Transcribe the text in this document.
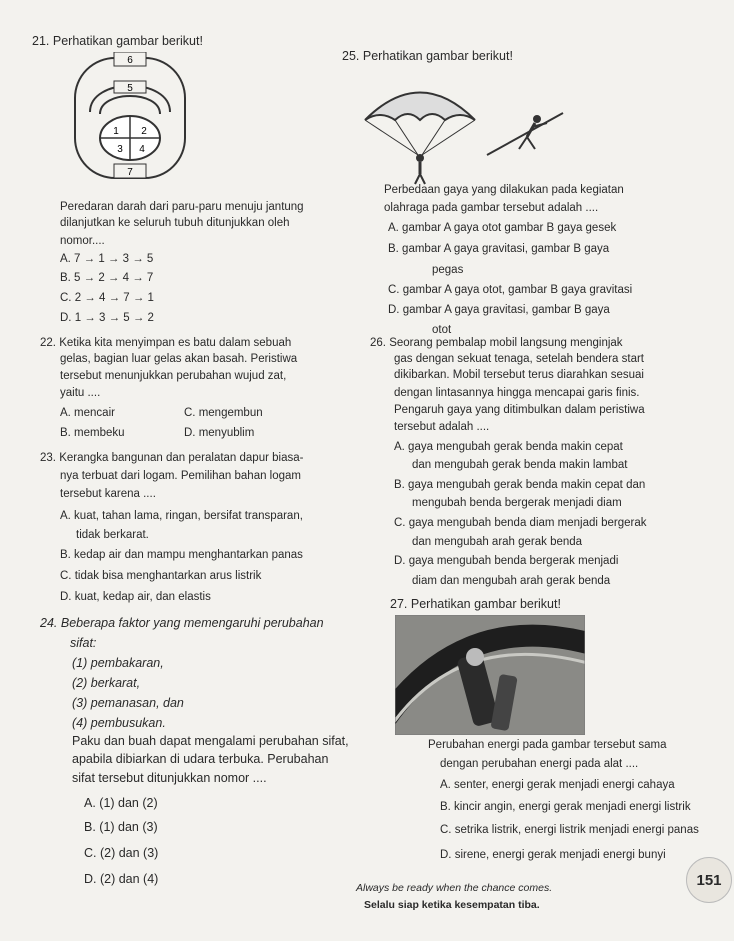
21. Perhatikan gambar berikut!
6
5
1 2
3 4
7
Peredaran darah dari paru-paru menuju jantung
dilanjutkan ke seluruh tubuh ditunjukkan oleh
nomor....
A. 7 → 1 → 3 → 5
B. 5 → 2 → 4 → 7
C. 2 → 4 → 7 → 1
D. 1 → 3 → 5 → 2
22. Ketika kita menyimpan es batu dalam sebuah
gelas, bagian luar gelas akan basah. Peristiwa
tersebut menunjukkan perubahan wujud zat,
yaitu ....
A. mencair	C. mengembun
B. membeku	D. menyublim
23. Kerangka bangunan dan peralatan dapur biasa-
nya terbuat dari logam. Pemilihan bahan logam
tersebut karena ....
A. kuat, tahan lama, ringan, bersifat transparan,
tidak berkarat.
B. kedap air dan mampu menghantarkan panas
C. tidak bisa menghantarkan arus listrik
D. kuat, kedap air, dan elastis
24. Beberapa faktor yang memengaruhi perubahan
sifat:
(1) pembakaran,
(2) berkarat,
(3) pemanasan, dan
(4) pembusukan.
Paku dan buah dapat mengalami perubahan sifat,
apabila dibiarkan di udara terbuka. Perubahan
sifat tersebut ditunjukkan nomor ....
A. (1) dan (2)
B. (1) dan (3)
C. (2) dan (3)
D. (2) dan (4)
25. Perhatikan gambar berikut!
Perbedaan gaya yang dilakukan pada kegiatan
olahraga pada gambar tersebut adalah ....
A. gambar A gaya otot gambar B gaya gesek
B. gambar A gaya gravitasi, gambar B gaya
pegas
C. gambar A gaya otot, gambar B gaya gravitasi
D. gambar A gaya gravitasi, gambar B gaya
otot
26. Seorang pembalap mobil langsung menginjak
gas dengan sekuat tenaga, setelah bendera start
dikibarkan. Mobil tersebut terus diarahkan sesuai
dengan lintasannya hingga mencapai garis finis.
Pengaruh gaya yang ditimbulkan dalam peristiwa
tersebut adalah ....
A. gaya mengubah gerak benda makin cepat
dan mengubah gerak benda makin lambat
B. gaya mengubah gerak benda makin cepat dan
mengubah benda bergerak menjadi diam
C. gaya mengubah benda diam menjadi bergerak
dan mengubah arah gerak benda
D. gaya mengubah benda bergerak menjadi
diam dan mengubah arah gerak benda
27. Perhatikan gambar berikut!
Perubahan energi pada gambar tersebut sama
dengan perubahan energi pada alat ....
A. senter, energi gerak menjadi energi cahaya
B. kincir angin, energi gerak menjadi energi listrik
C. setrika listrik, energi listrik menjadi energi panas
D. sirene, energi gerak menjadi energi bunyi
Always be ready when the chance comes.
Selalu siap ketika kesempatan tiba.
151
